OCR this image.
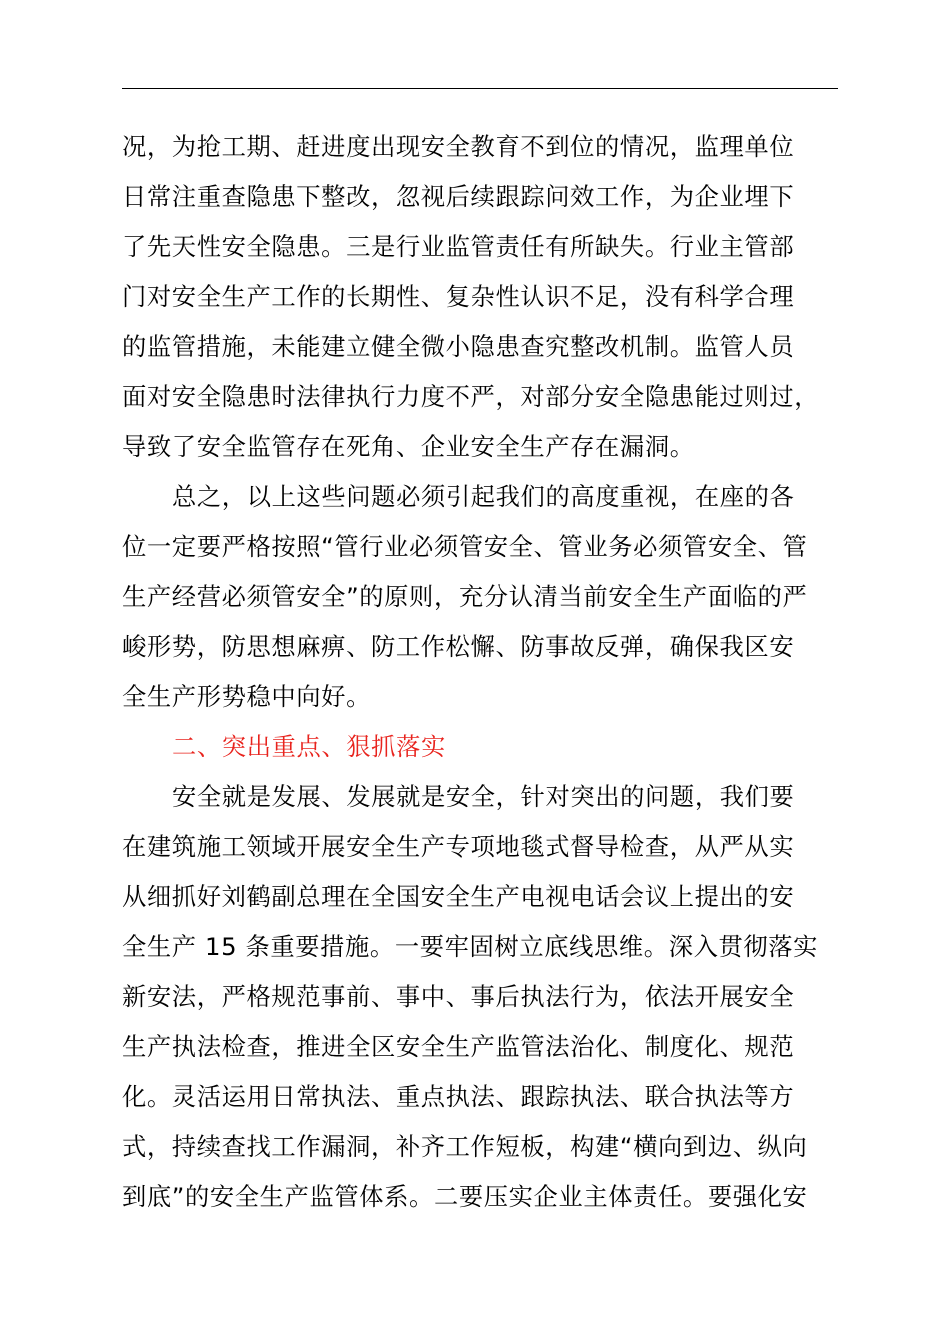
况，为抢工期、赶进度出现安全教育不到位的情况，监理单位
日常注重查隐患下整改，忽视后续跟踪问效工作，为企业埋下
了先天性安全隐患。三是行业监管责任有所缺失。行业主管部
门对安全生产工作的长期性、复杂性认识不足，没有科学合理
的监管措施，未能建立健全微小隐患查究整改机制。监管人员
面对安全隐患时法律执行力度不严，对部分安全隐患能过则过，
导致了安全监管存在死角、企业安全生产存在漏洞。
总之，以上这些问题必须引起我们的高度重视，在座的各
位一定要严格按照“管行业必须管安全、管业务必须管安全、管
生产经营必须管安全”的原则，充分认清当前安全生产面临的严
峻形势，防思想麻痹、防工作松懈、防事故反弹，确保我区安
全生产形势稳中向好。
二、突出重点、狠抓落实
安全就是发展、发展就是安全，针对突出的问题，我们要
在建筑施工领域开展安全生产专项地毯式督导检查，从严从实
从细抓好刘鹤副总理在全国安全生产电视电话会议上提出的安
全生产 15 条重要措施。一要牢固树立底线思维。深入贯彻落实
新安法，严格规范事前、事中、事后执法行为，依法开展安全
生产执法检查，推进全区安全生产监管法治化、制度化、规范
化。灵活运用日常执法、重点执法、跟踪执法、联合执法等方
式，持续查找工作漏洞，补齐工作短板，构建“横向到边、纵向
到底”的安全生产监管体系。二要压实企业主体责任。要强化安
